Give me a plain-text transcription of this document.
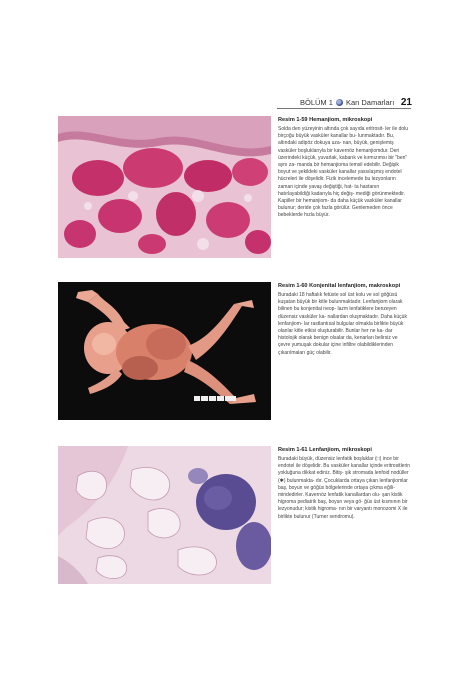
BÖLÜM 1 Kan Damarları 21
Resim 1-59 Hemanjiom, mikroskopi
Solda den yüzeyinin altında çok sayıda eritrosit- ler ile dolu birçoğu büyük vasküler kanallar bu- lunmaktadır. Bu, altındaki adipöz dokuya uza- nan, büyük, genişlemiş vasküler boşluklarıyla bir kavernöz hemanjiomdur. Deri üzerindeki küçük, yuvarlak, kabarık ve kırmızımsı bir "ben" aynı za- manda bir hemanjioma temsil edebilir. Değişik boyut ve şekildeki vasküler kanallar yassılaşmış endotel hücreleri ile döşelidir. Fizik incelemede bu lezyonların zaman içinde yavaş değiştiği, hat- ta hastanın hatırlayabildiği kadarıyla hiç değiş- mediği görünmektedir. Kapiller bir hemanjiom- da daha küçük vasküler kanallar bulunur; deride çok fazla görülür. Genlemeden önce bebeklerde hızla büyür.
Resim 1-60 Konjenital lenfanjiom, makroskopi
Buradaki 18 haftalık fetüste sol üst kolu ve sol göğüsü kuşatan büyük bir kitle bulunmaktadır. Lenfanjiom olarak bilinen bu konjenital neop- lazm lenfatiklere benzeyen düzensiz vasküler ka- nallardan oluşmaktadır. Daha küçük lenfanjiom- lar rastlantısal bulgular olmakla birlikte büyük olanlar kitle etkisi oluşturabilir. Bunlar her ne ka- dar histolojik olarak benign olsalar da, kenarları belirsiz ve çevre yumuşak dokular içine infiltre olabildiklerinden çıkarılmaları güç olabilir.
Resim 1-61 Lenfanjiom, mikroskopi
Buradaki büyük, düzensiz lenfatik boşluklar (□) ince bir endotel ile döşelidir. Bu vasküler kanallar içinde eritrositlerin yokluğuna dikkat ediniz. Bitiş- şik stromada lenfoid nodüller (✱) bulunmakta- dır. Çocuklarda ortaya çıkan lenfanjiomlar baş, boyun ve göğüs bölgelerinde ortaya çıkma eğili- mindedirler. Kavernöz lenfatik kanallardan olu- şan kistik higroma pediatrik baş, boyun veya gö- ğüs üst kısmının bir lezyonudur; kistik higroma- nın bir varyantı monozomi X ile birlikte bulunur (Turner sendromu).
